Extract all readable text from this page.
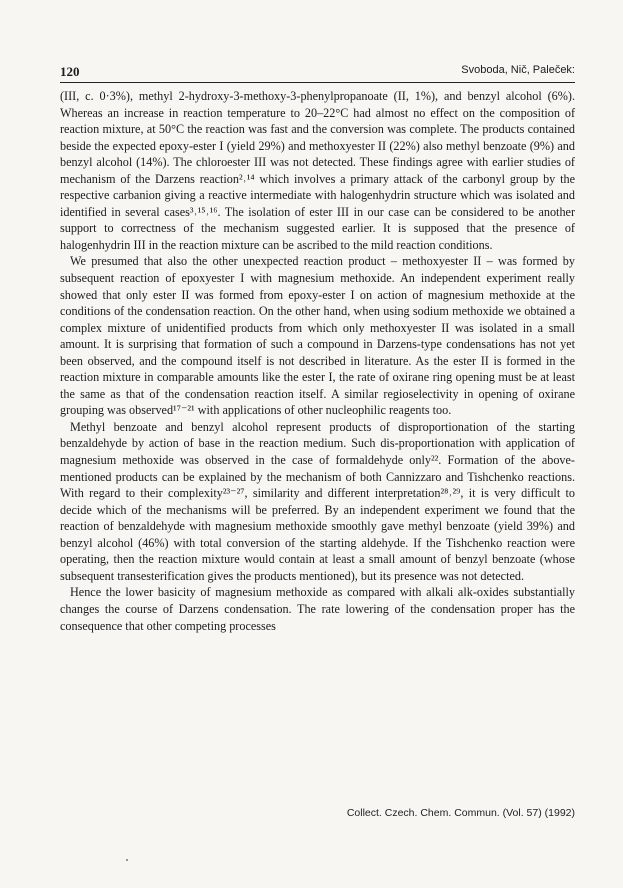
120	Svoboda, Nič, Paleček:

(III, c. 0·3%), methyl 2-hydroxy-3-methoxy-3-phenylpropanoate (II, 1%), and benzyl alcohol (6%). Whereas an increase in reaction temperature to 20–22°C had almost no effect on the composition of reaction mixture, at 50°C the reaction was fast and the conversion was complete. The products contained beside the expected epoxy-ester I (yield 29%) and methoxyester II (22%) also methyl benzoate (9%) and benzyl alcohol (14%). The chloroester III was not detected. These findings agree with earlier studies of mechanism of the Darzens reaction²˒¹⁴ which involves a primary attack of the carbonyl group by the respective carbanion giving a reactive intermediate with halogenhydrin structure which was isolated and identified in several cases³˒¹⁵˒¹⁶. The isolation of ester III in our case can be considered to be another support to correctness of the mechanism suggested earlier. It is supposed that the presence of halogenhydrin III in the reaction mixture can be ascribed to the mild reaction conditions.

We presumed that also the other unexpected reaction product – methoxyester II – was formed by subsequent reaction of epoxyester I with magnesium methoxide. An independent experiment really showed that only ester II was formed from epoxy-ester I on action of magnesium methoxide at the conditions of the condensation reaction. On the other hand, when using sodium methoxide we obtained a complex mixture of unidentified products from which only methoxyester II was isolated in a small amount. It is surprising that formation of such a compound in Darzens-type condensations has not yet been observed, and the compound itself is not described in literature. As the ester II is formed in the reaction mixture in comparable amounts like the ester I, the rate of oxirane ring opening must be at least the same as that of the condensation reaction itself. A similar regioselectivity in opening of oxirane grouping was observed¹⁷⁻²¹ with applications of other nucleophilic reagents too.

Methyl benzoate and benzyl alcohol represent products of disproportionation of the starting benzaldehyde by action of base in the reaction medium. Such dis-proportionation with application of magnesium methoxide was observed in the case of formaldehyde only²². Formation of the above-mentioned products can be explained by the mechanism of both Cannizzaro and Tishchenko reactions. With regard to their complexity²³⁻²⁷, similarity and different interpretation²⁸˒²⁹, it is very difficult to decide which of the mechanisms will be preferred. By an independent experiment we found that the reaction of benzaldehyde with magnesium methoxide smoothly gave methyl benzoate (yield 39%) and benzyl alcohol (46%) with total conversion of the starting aldehyde. If the Tishchenko reaction were operating, then the reaction mixture would contain at least a small amount of benzyl benzoate (whose subsequent transesterification gives the products mentioned), but its presence was not detected.

Hence the lower basicity of magnesium methoxide as compared with alkali alk-oxides substantially changes the course of Darzens condensation. The rate lowering of the condensation proper has the consequence that other competing processes

Collect. Czech. Chem. Commun. (Vol. 57) (1992)
